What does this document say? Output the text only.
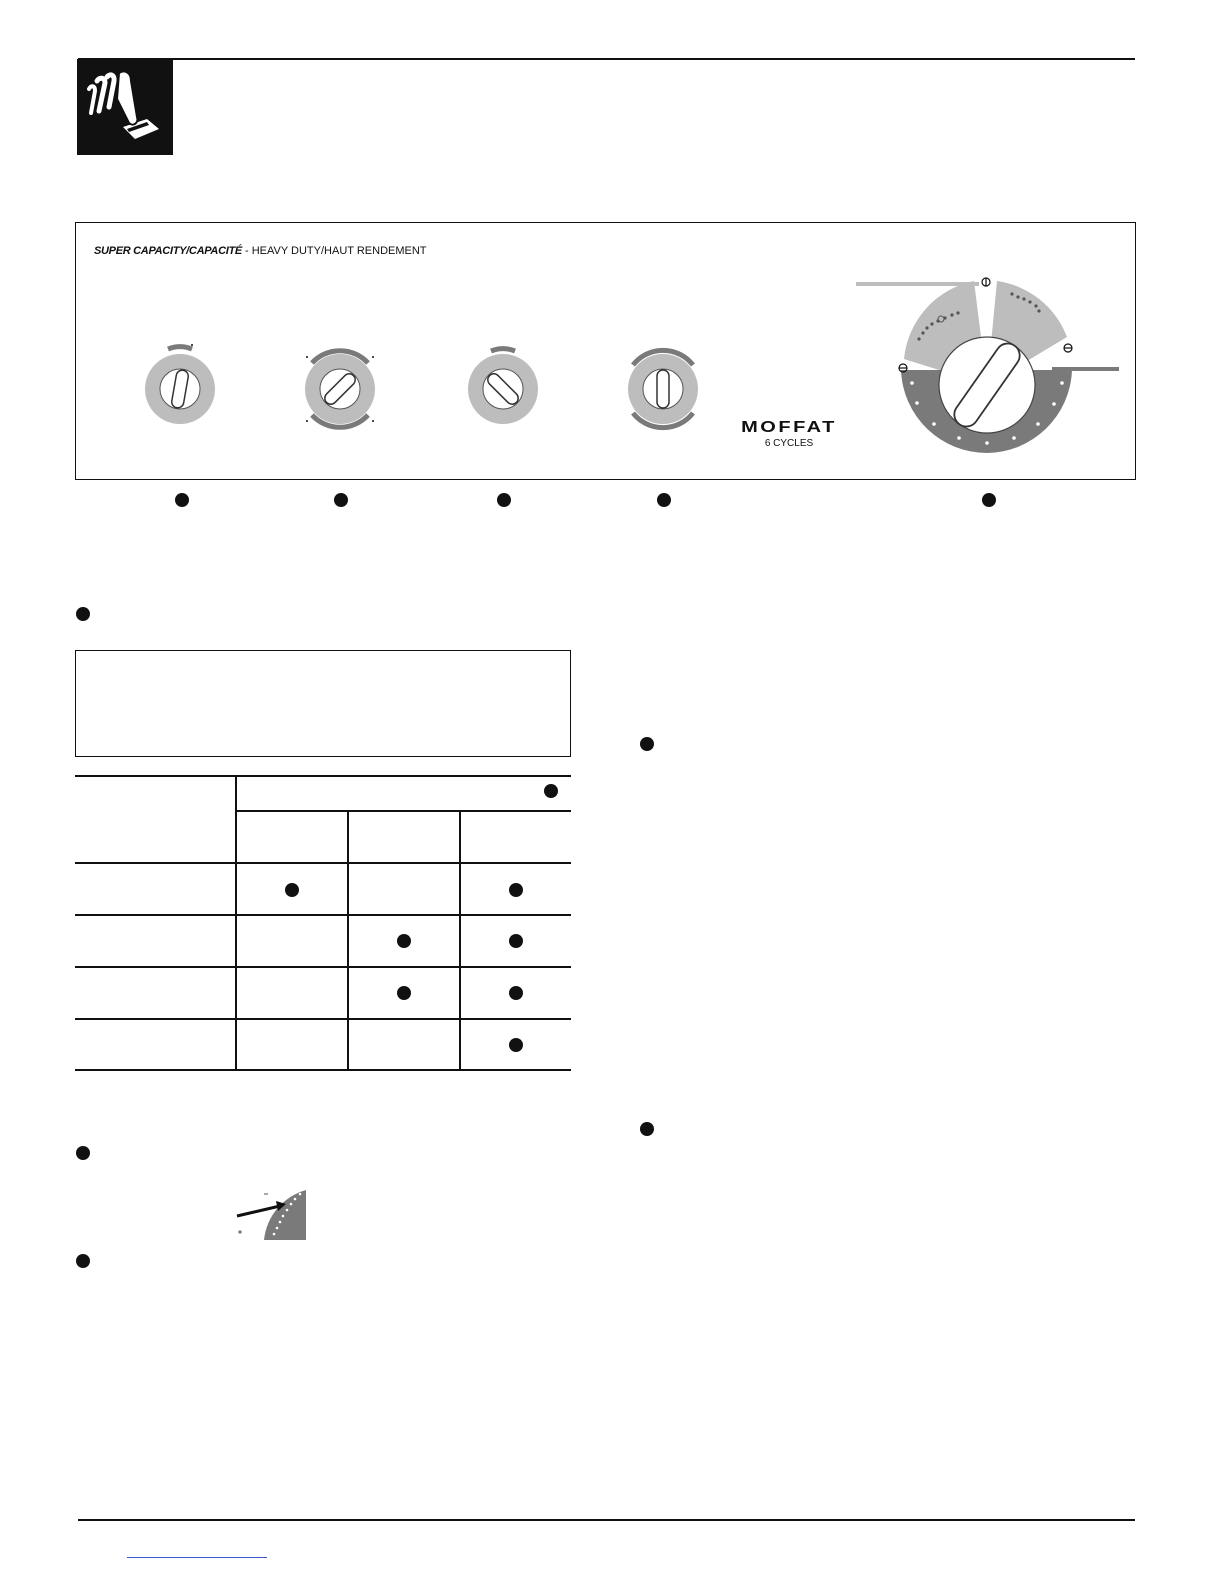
SUPER CAPACITY/CAPACITÉ - HEAVY DUTY/HAUT RENDEMENT
MOFFAT
6 CYCLES
